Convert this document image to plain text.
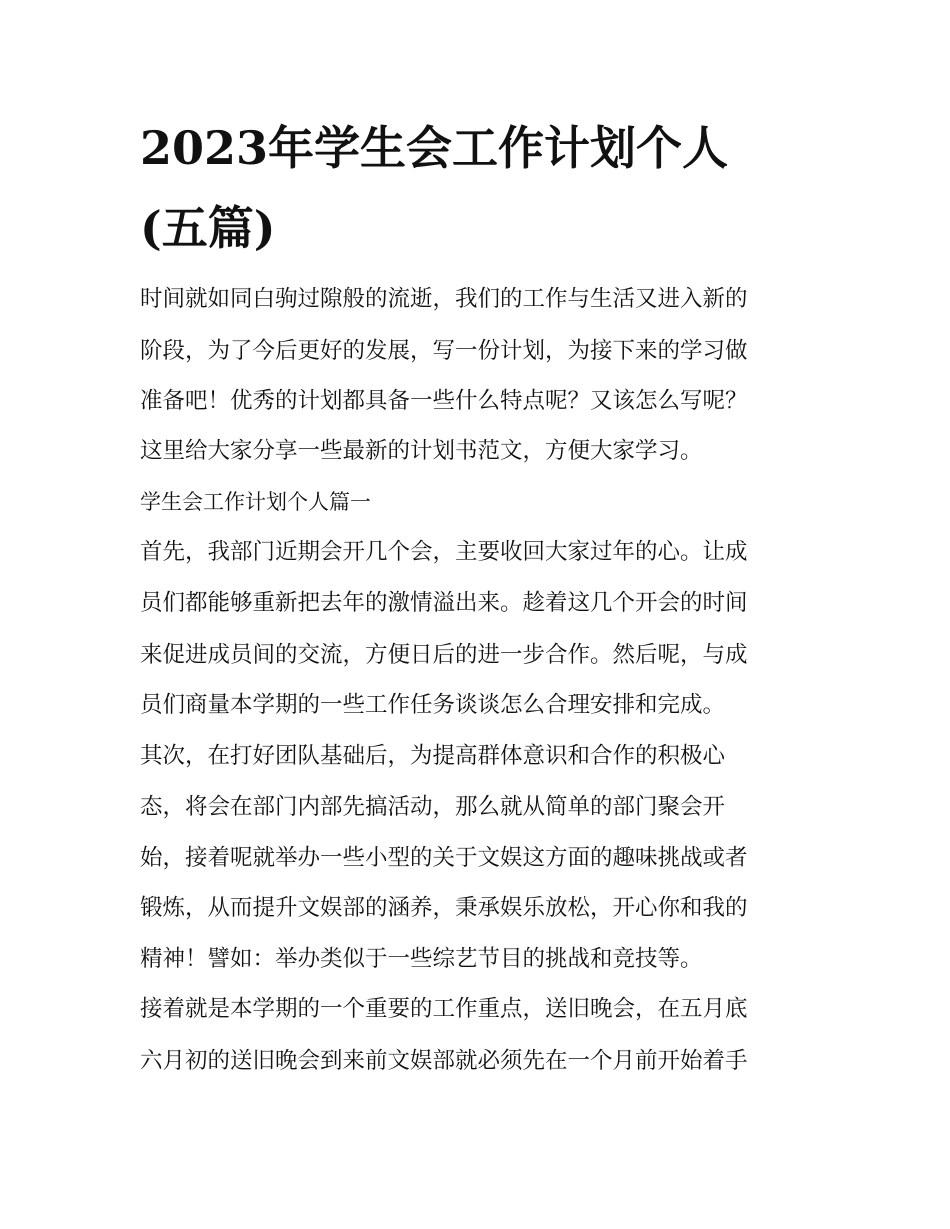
2023年学生会工作计划个人
(五篇)

时间就如同白驹过隙般的流逝，我们的工作与生活又进入新的

阶段，为了今后更好的发展，写一份计划，为接下来的学习做

准备吧！优秀的计划都具备一些什么特点呢？又该怎么写呢？

这里给大家分享一些最新的计划书范文，方便大家学习。

学生会工作计划个人篇一

首先，我部门近期会开几个会，主要收回大家过年的心。让成

员们都能够重新把去年的激情溢出来。趁着这几个开会的时间

来促进成员间的交流，方便日后的进一步合作。然后呢，与成

员们商量本学期的一些工作任务谈谈怎么合理安排和完成。

其次，在打好团队基础后，为提高群体意识和合作的积极心

态，将会在部门内部先搞活动，那么就从简单的部门聚会开

始，接着呢就举办一些小型的关于文娱这方面的趣味挑战或者

锻炼，从而提升文娱部的涵养，秉承娱乐放松，开心你和我的

精神！譬如：举办类似于一些综艺节目的挑战和竞技等。

接着就是本学期的一个重要的工作重点，送旧晚会，在五月底

六月初的送旧晚会到来前文娱部就必须先在一个月前开始着手
